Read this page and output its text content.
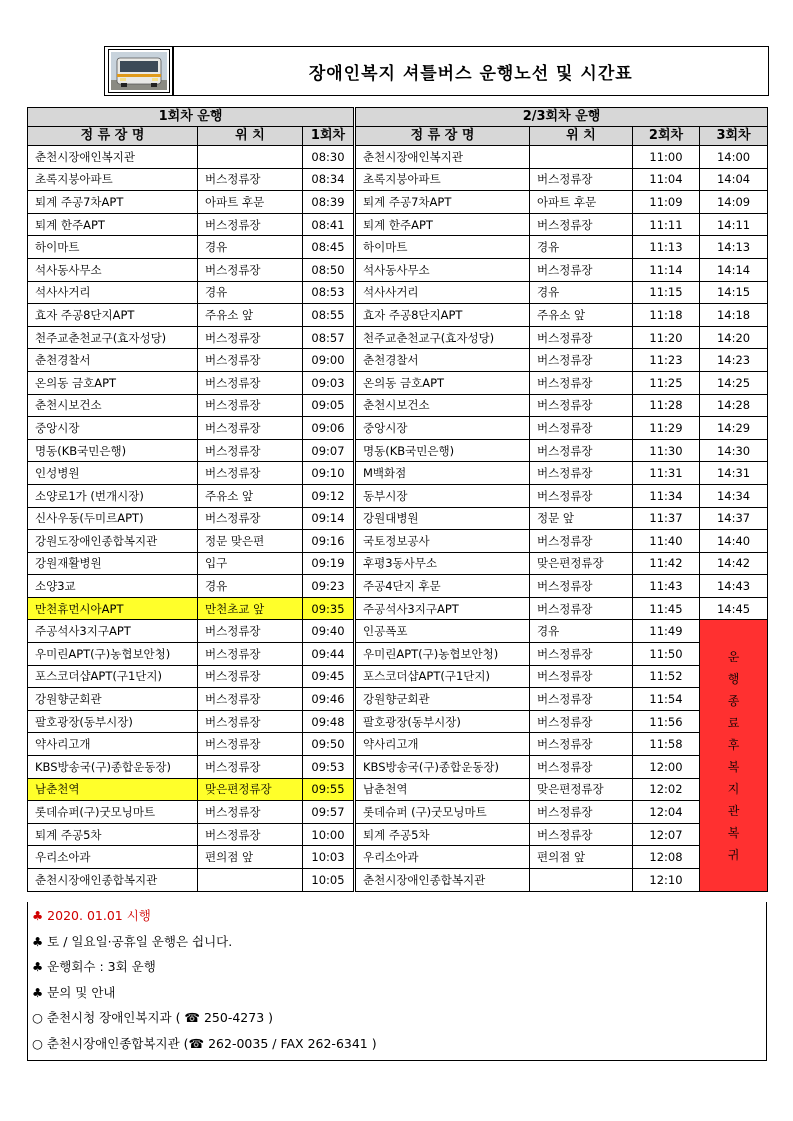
장애인복지 셔틀버스 운행노선 및 시간표
1회차 운행			2/3회차 운행			
정 류 장 명	위 치	1회차	정 류 장 명	위 치	2회차	3회차
춘천시장애인복지관		08:30	춘천시장애인복지관		11:00	14:00
초록지붕아파트	버스정류장	08:34	초록지붕아파트	버스정류장	11:04	14:04
퇴계 주공7차APT	아파트 후문	08:39	퇴계 주공7차APT	아파트 후문	11:09	14:09
퇴계 한주APT	버스정류장	08:41	퇴계 한주APT	버스정류장	11:11	14:11
하이마트	경유	08:45	하이마트	경유	11:13	14:13
석사동사무소	버스정류장	08:50	석사동사무소	버스정류장	11:14	14:14
석사사거리	경유	08:53	석사사거리	경유	11:15	14:15
효자 주공8단지APT	주유소 앞	08:55	효자 주공8단지APT	주유소 앞	11:18	14:18
천주교춘천교구(효자성당)	버스정류장	08:57	천주교춘천교구(효자성당)	버스정류장	11:20	14:20
춘천경찰서	버스정류장	09:00	춘천경찰서	버스정류장	11:23	14:23
온의동 금호APT	버스정류장	09:03	온의동 금호APT	버스정류장	11:25	14:25
춘천시보건소	버스정류장	09:05	춘천시보건소	버스정류장	11:28	14:28
중앙시장	버스정류장	09:06	중앙시장	버스정류장	11:29	14:29
명동(KB국민은행)	버스정류장	09:07	명동(KB국민은행)	버스정류장	11:30	14:30
인성병원	버스정류장	09:10	M백화점	버스정류장	11:31	14:31
소양로1가 (번개시장)	주유소 앞	09:12	동부시장	버스정류장	11:34	14:34
신사우동(두미르APT)	버스정류장	09:14	강원대병원	정문 앞	11:37	14:37
강원도장애인종합복지관	정문 맞은편	09:16	국토정보공사	버스정류장	11:40	14:40
강원재활병원	입구	09:19	후평3동사무소	맞은편정류장	11:42	14:42
소양3교	경유	09:23	주공4단지 후문	버스정류장	11:43	14:43
만천휴먼시아APT	만천초교 앞	09:35	주공석사3지구APT	버스정류장	11:45	14:45
주공석사3지구APT	버스정류장	09:40	인공폭포	경유	11:49	운행종료후복지관복귀
우미린APT(구)농협보안청)	버스정류장	09:44	우미린APT(구)농협보안청)	버스정류장	11:50	
포스코더샵APT(구1단지)	버스정류장	09:45	포스코더샵APT(구1단지)	버스정류장	11:52	
강원향군회관	버스정류장	09:46	강원향군회관	버스정류장	11:54	
팔호광장(동부시장)	버스정류장	09:48	팔호광장(동부시장)	버스정류장	11:56	
약사리고개	버스정류장	09:50	약사리고개	버스정류장	11:58	
KBS방송국(구)종합운동장)	버스정류장	09:53	KBS방송국(구)종합운동장)	버스정류장	12:00	
남춘천역	맞은편정류장	09:55	남춘천역	맞은편정류장	12:02	
롯데슈퍼(구)굿모닝마트	버스정류장	09:57	롯데슈퍼 (구)굿모닝마트	버스정류장	12:04	
퇴계 주공5차	버스정류장	10:00	퇴계 주공5차	버스정류장	12:07	
우리소아과	편의점 앞	10:03	우리소아과	편의점 앞	12:08	
춘천시장애인종합복지관		10:05	춘천시장애인종합복지관		12:10	
♣ 2020. 01.01 시행
♣ 토 / 일요일·공휴일 운행은 쉽니다.
♣ 운행회수 : 3회 운행
♣ 문의 및 안내
○ 춘천시청 장애인복지과 ( ☎ 250-4273 )
○ 춘천시장애인종합복지관 (☎ 262-0035 / FAX 262-6341 )
